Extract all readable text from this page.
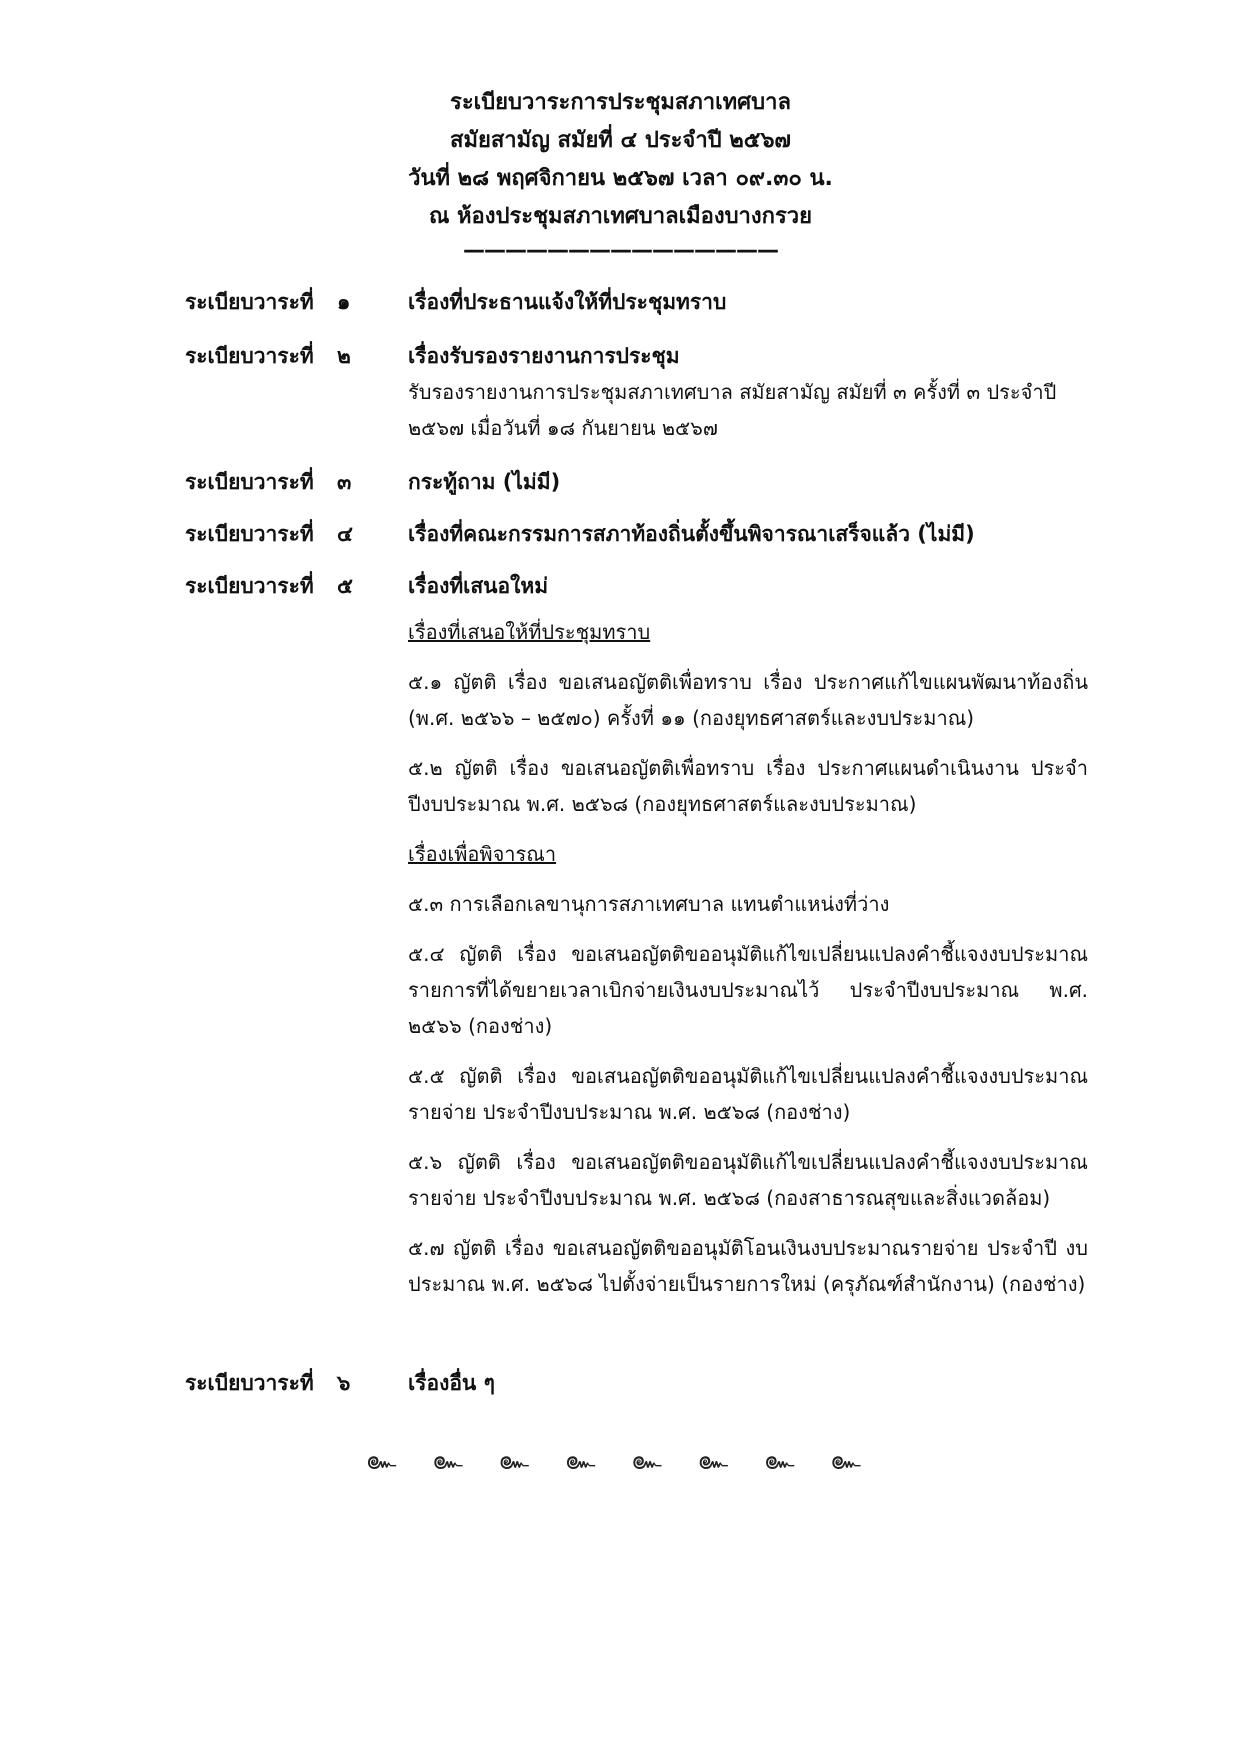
ระเบียบวาระการประชุมสภาเทศบาล
สมัยสามัญ สมัยที่ ๔ ประจำปี ๒๕๖๗
วันที่ ๒๘ พฤศจิกายน ๒๕๖๗ เวลา ๐๙.๓๐ น.
ณ ห้องประชุมสภาเทศบาลเมืองบางกรวย
———————————————
ระเบียบวาระที่	๑	เรื่องที่ประธานแจ้งให้ที่ประชุมทราบ
ระเบียบวาระที่	๒	เรื่องรับรองรายงานการประชุม
รับรองรายงานการประชุมสภาเทศบาล สมัยสามัญ สมัยที่ ๓ ครั้งที่ ๓ ประจำปี ๒๕๖๗ เมื่อวันที่ ๑๘ กันยายน ๒๕๖๗
ระเบียบวาระที่	๓	กระทู้ถาม (ไม่มี)
ระเบียบวาระที่	๔	เรื่องที่คณะกรรมการสภาท้องถิ่นตั้งขึ้นพิจารณาเสร็จแล้ว (ไม่มี)
ระเบียบวาระที่	๕	เรื่องที่เสนอใหม่
เรื่องที่เสนอให้ที่ประชุมทราบ
๕.๑ ญัตติ เรื่อง ขอเสนอญัตติเพื่อทราบ เรื่อง ประกาศแก้ไขแผนพัฒนาท้องถิ่น (พ.ศ. ๒๕๖๖ – ๒๕๗๐) ครั้งที่ ๑๑ (กองยุทธศาสตร์และงบประมาณ)
๕.๒ ญัตติ เรื่อง ขอเสนอญัตติเพื่อทราบ เรื่อง ประกาศแผนดำเนินงาน ประจำปีงบประมาณ พ.ศ. ๒๕๖๘ (กองยุทธศาสตร์และงบประมาณ)
เรื่องเพื่อพิจารณา
๕.๓ การเลือกเลขานุการสภาเทศบาล แทนตำแหน่งที่ว่าง
๕.๔ ญัตติ เรื่อง ขอเสนอญัตติขออนุมัติแก้ไขเปลี่ยนแปลงคำชี้แจงงบประมาณ รายการที่ได้ขยายเวลาเบิกจ่ายเงินงบประมาณไว้ ประจำปีงบประมาณ พ.ศ. ๒๕๖๖ (กองช่าง)
๕.๕ ญัตติ เรื่อง ขอเสนอญัตติขออนุมัติแก้ไขเปลี่ยนแปลงคำชี้แจงงบประมาณ รายจ่าย ประจำปีงบประมาณ พ.ศ. ๒๕๖๘ (กองช่าง)
๕.๖ ญัตติ เรื่อง ขอเสนอญัตติขออนุมัติแก้ไขเปลี่ยนแปลงคำชี้แจงงบประมาณ รายจ่าย ประจำปีงบประมาณ พ.ศ. ๒๕๖๘ (กองสาธารณสุขและสิ่งแวดล้อม)
๕.๗ ญัตติ เรื่อง ขอเสนอญัตติขออนุมัติโอนเงินงบประมาณรายจ่าย ประจำปี งบประมาณ พ.ศ. ๒๕๖๘ ไปตั้งจ่ายเป็นรายการใหม่ (ครุภัณฑ์สำนักงาน) (กองช่าง)
ระเบียบวาระที่	๖	เรื่องอื่น ๆ
๛ ๛ ๛ ๛ ๛ ๛ ๛ ๛
